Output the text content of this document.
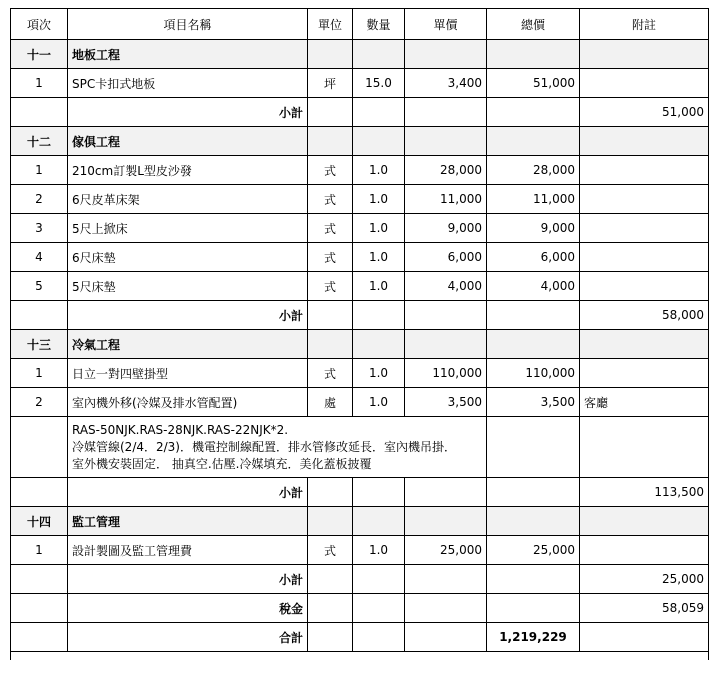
項次	項目名稱	單位	數量	單價	總價	附註
十一	地板工程					
1	SPC卡扣式地板	坪	15.0	3,400	51,000	
	小計					51,000
十二	傢俱工程					
1	210cm訂製L型皮沙發	式	1.0	28,000	28,000	
2	6尺皮革床架	式	1.0	11,000	11,000	
3	5尺上掀床	式	1.0	9,000	9,000	
4	6尺床墊	式	1.0	6,000	6,000	
5	5尺床墊	式	1.0	4,000	4,000	
	小計					58,000
十三	冷氣工程					
1	日立一對四壁掛型	式	1.0	110,000	110,000	
2	室內機外移(冷媒及排水管配置)	處	1.0	3,500	3,500	客廳

	RAS-50NJK.RAS-28NJK.RAS-22NJK*2.
冷媒管線(2/4．2/3)．機電控制線配置．排水管修改延長．室內機吊掛．
室外機安裝固定． 抽真空.估壓.冷媒填充．美化蓋板披覆					

	小計					113,500
十四	監工管理					
1	設計製圖及監工管理費	式	1.0	25,000	25,000	
	小計					25,000
	稅金					58,059
	合計				1,219,229	
